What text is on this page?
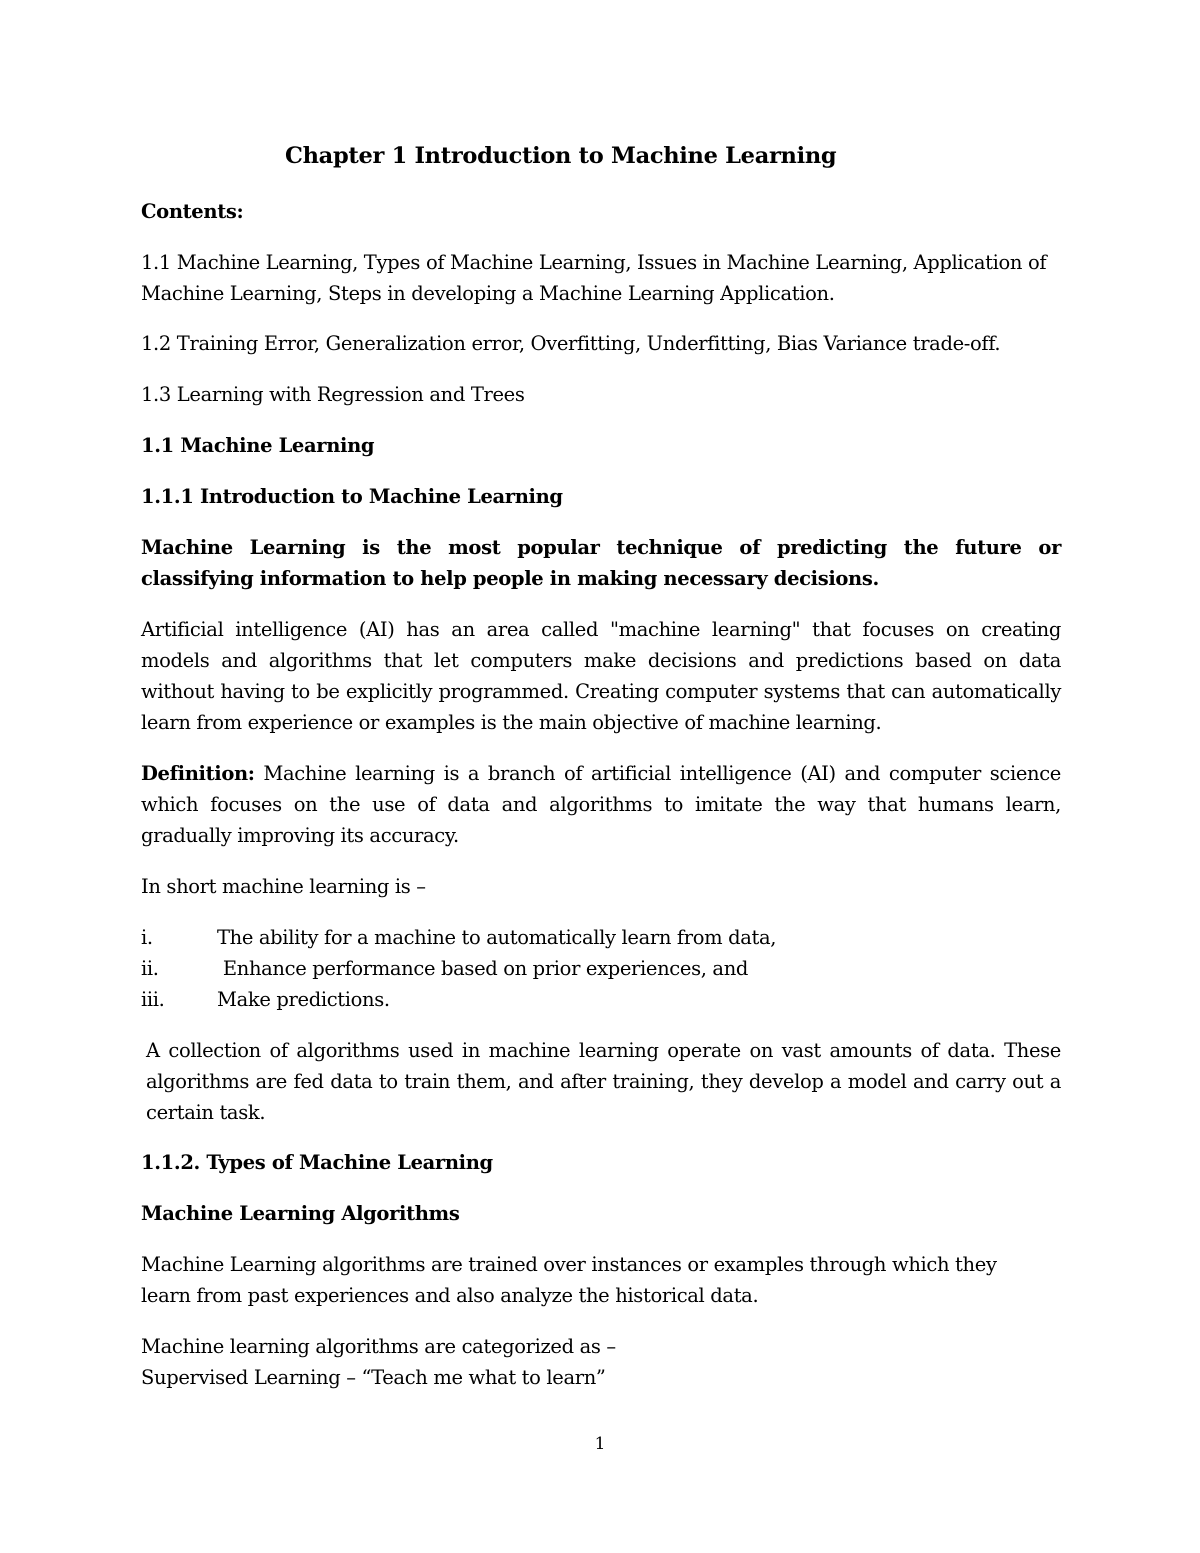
Chapter 1 Introduction to Machine Learning

Contents:

1.1 Machine Learning, Types of Machine Learning, Issues in Machine Learning, Application of Machine Learning, Steps in developing a Machine Learning Application.

1.2 Training Error, Generalization error, Overfitting, Underfitting, Bias Variance trade-off.

1.3 Learning with Regression and Trees

1.1 Machine Learning

1.1.1 Introduction to Machine Learning

Machine Learning is the most popular technique of predicting the future or classifying information to help people in making necessary decisions.

Artificial intelligence (AI) has an area called "machine learning" that focuses on creating models and algorithms that let computers make decisions and predictions based on data without having to be explicitly programmed. Creating computer systems that can automatically learn from experience or examples is the main objective of machine learning.

Definition: Machine learning is a branch of artificial intelligence (AI) and computer science which focuses on the use of data and algorithms to imitate the way that humans learn, gradually improving its accuracy.

In short machine learning is –

i.	The ability for a machine to automatically learn from data,
ii.	Enhance performance based on prior experiences, and
iii.	Make predictions.

A collection of algorithms used in machine learning operate on vast amounts of data. These algorithms are fed data to train them, and after training, they develop a model and carry out a certain task.

1.1.2. Types of Machine Learning

Machine Learning Algorithms

Machine Learning algorithms are trained over instances or examples through which they learn from past experiences and also analyze the historical data.

Machine learning algorithms are categorized as –

Supervised Learning – “Teach me what to learn”

1
